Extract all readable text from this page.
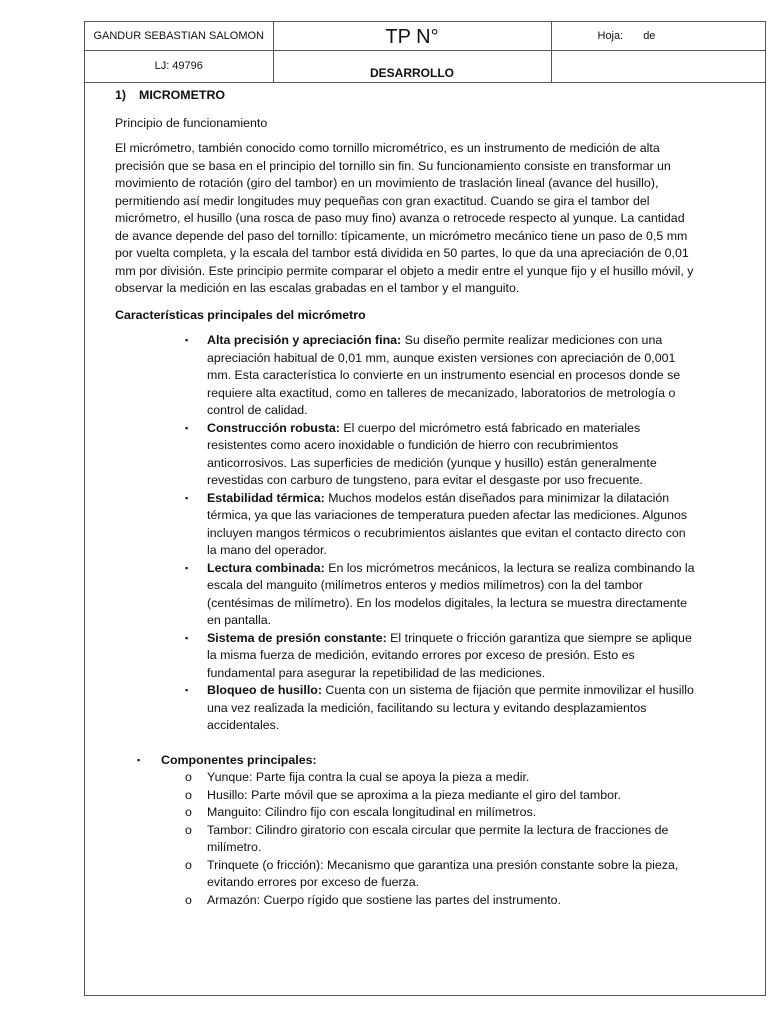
GANDUR SEBASTIAN SALOMON	TP N°	Hoja: de
LJ: 49796	DESARROLLO	
1) MICROMETRO
Principio de funcionamiento
El micrómetro, también conocido como tornillo micrométrico, es un instrumento de medición de alta precisión que se basa en el principio del tornillo sin fin. Su funcionamiento consiste en transformar un movimiento de rotación (giro del tambor) en un movimiento de traslación lineal (avance del husillo), permitiendo así medir longitudes muy pequeñas con gran exactitud. Cuando se gira el tambor del micrómetro, el husillo (una rosca de paso muy fino) avanza o retrocede respecto al yunque. La cantidad de avance depende del paso del tornillo: típicamente, un micrómetro mecánico tiene un paso de 0,5 mm por vuelta completa, y la escala del tambor está dividida en 50 partes, lo que da una apreciación de 0,01 mm por división. Este principio permite comparar el objeto a medir entre el yunque fijo y el husillo móvil, y observar la medición en las escalas grabadas en el tambor y el manguito.
Características principales del micrómetro
▪ Alta precisión y apreciación fina: Su diseño permite realizar mediciones con una apreciación habitual de 0,01 mm, aunque existen versiones con apreciación de 0,001 mm. Esta característica lo convierte en un instrumento esencial en procesos donde se requiere alta exactitud, como en talleres de mecanizado, laboratorios de metrología o control de calidad.
▪ Construcción robusta: El cuerpo del micrómetro está fabricado en materiales resistentes como acero inoxidable o fundición de hierro con recubrimientos anticorrosivos. Las superficies de medición (yunque y husillo) están generalmente revestidas con carburo de tungsteno, para evitar el desgaste por uso frecuente.
▪ Estabilidad térmica: Muchos modelos están diseñados para minimizar la dilatación térmica, ya que las variaciones de temperatura pueden afectar las mediciones. Algunos incluyen mangos térmicos o recubrimientos aislantes que evitan el contacto directo con la mano del operador.
▪ Lectura combinada: En los micrómetros mecánicos, la lectura se realiza combinando la escala del manguito (milímetros enteros y medios milímetros) con la del tambor (centésimas de milímetro). En los modelos digitales, la lectura se muestra directamente en pantalla.
▪ Sistema de presión constante: El trinquete o fricción garantiza que siempre se aplique la misma fuerza de medición, evitando errores por exceso de presión. Esto es fundamental para asegurar la repetibilidad de las mediciones.
▪ Bloqueo de husillo: Cuenta con un sistema de fijación que permite inmovilizar el husillo una vez realizada la medición, facilitando su lectura y evitando desplazamientos accidentales.
▪ Componentes principales:
o Yunque: Parte fija contra la cual se apoya la pieza a medir.
o Husillo: Parte móvil que se aproxima a la pieza mediante el giro del tambor.
o Manguito: Cilindro fijo con escala longitudinal en milímetros.
o Tambor: Cilindro giratorio con escala circular que permite la lectura de fracciones de milímetro.
o Trinquete (o fricción): Mecanismo que garantiza una presión constante sobre la pieza, evitando errores por exceso de fuerza.
o Armazón: Cuerpo rígido que sostiene las partes del instrumento.
